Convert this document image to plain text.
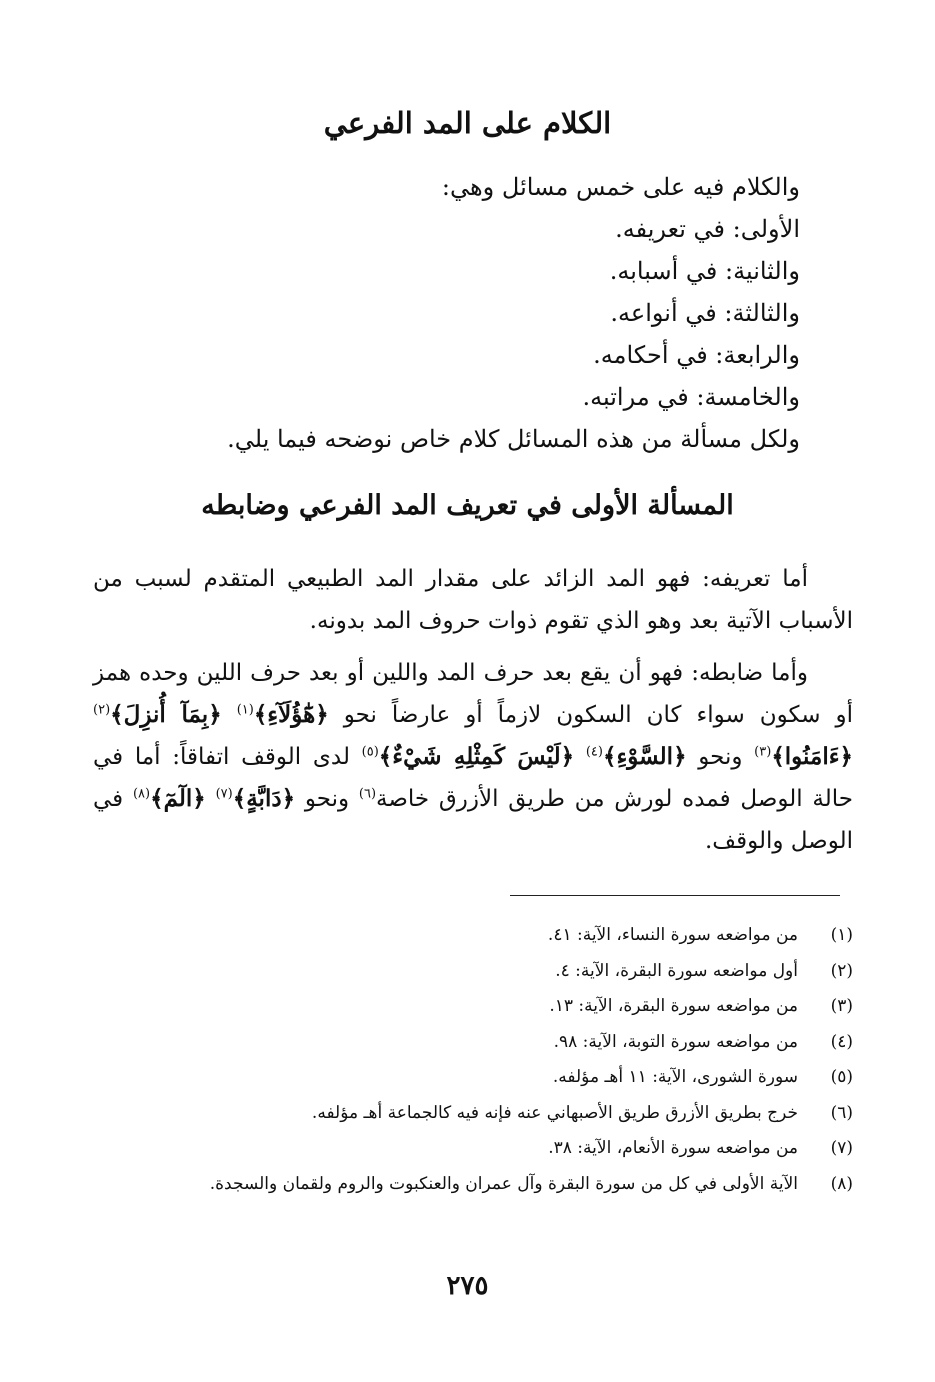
الكلام على المد الفرعي
والكلام فيه على خمس مسائل وهي:
الأولى: في تعريفه.
والثانية: في أسبابه.
والثالثة: في أنواعه.
والرابعة: في أحكامه.
والخامسة: في مراتبه.
ولكل مسألة من هذه المسائل كلام خاص نوضحه فيما يلي.
المسألة الأولى في تعريف المد الفرعي وضابطه

أما تعريفه: فهو المد الزائد على مقدار المد الطبيعي المتقدم لسبب من الأسباب الآتية بعد وهو الذي تقوم ذوات حروف المد بدونه.

وأما ضابطه: فهو أن يقع بعد حرف المد واللين أو بعد حرف اللين وحده همز أو سكون سواء كان السكون لازماً أو عارضاً نحو ﴿هَٰٓؤُلَآءِ﴾$^{(١)}$ ﴿بِمَآ أُنزِلَ﴾$^{(٢)}$ ﴿ءَامَنُوا﴾$^{(٣)}$ ونحو ﴿السَّوْءِ﴾$^{(٤)}$ ﴿لَيْسَ كَمِثْلِهِ شَيْءٌ﴾$^{(٥)}$ لدى الوقف اتفاقاً: أما في حالة الوصل فمده لورش من طريق الأزرق خاصة$^{(٦)}$ ونحو ﴿دَابَّةٍ﴾$^{(٧)}$ ﴿الٓمٓ﴾$^{(٨)}$ في الوصل والوقف.

(١)
من مواضعه سورة النساء، الآية: ٤١.
(٢)
أول مواضعه سورة البقرة، الآية: ٤.
(٣)
من مواضعه سورة البقرة، الآية: ١٣.
(٤)
من مواضعه سورة التوبة، الآية: ٩٨.
(٥)
سورة الشورى، الآية: ١١ أهـ مؤلفه.
(٦)
خرج بطريق الأزرق طريق الأصبهاني عنه فإنه فيه كالجماعة أهـ مؤلفه.
(٧)
من مواضعه سورة الأنعام، الآية: ٣٨.
(٨)
الآية الأولى في كل من سورة البقرة وآل عمران والعنكبوت والروم ولقمان والسجدة.
٢٧٥
